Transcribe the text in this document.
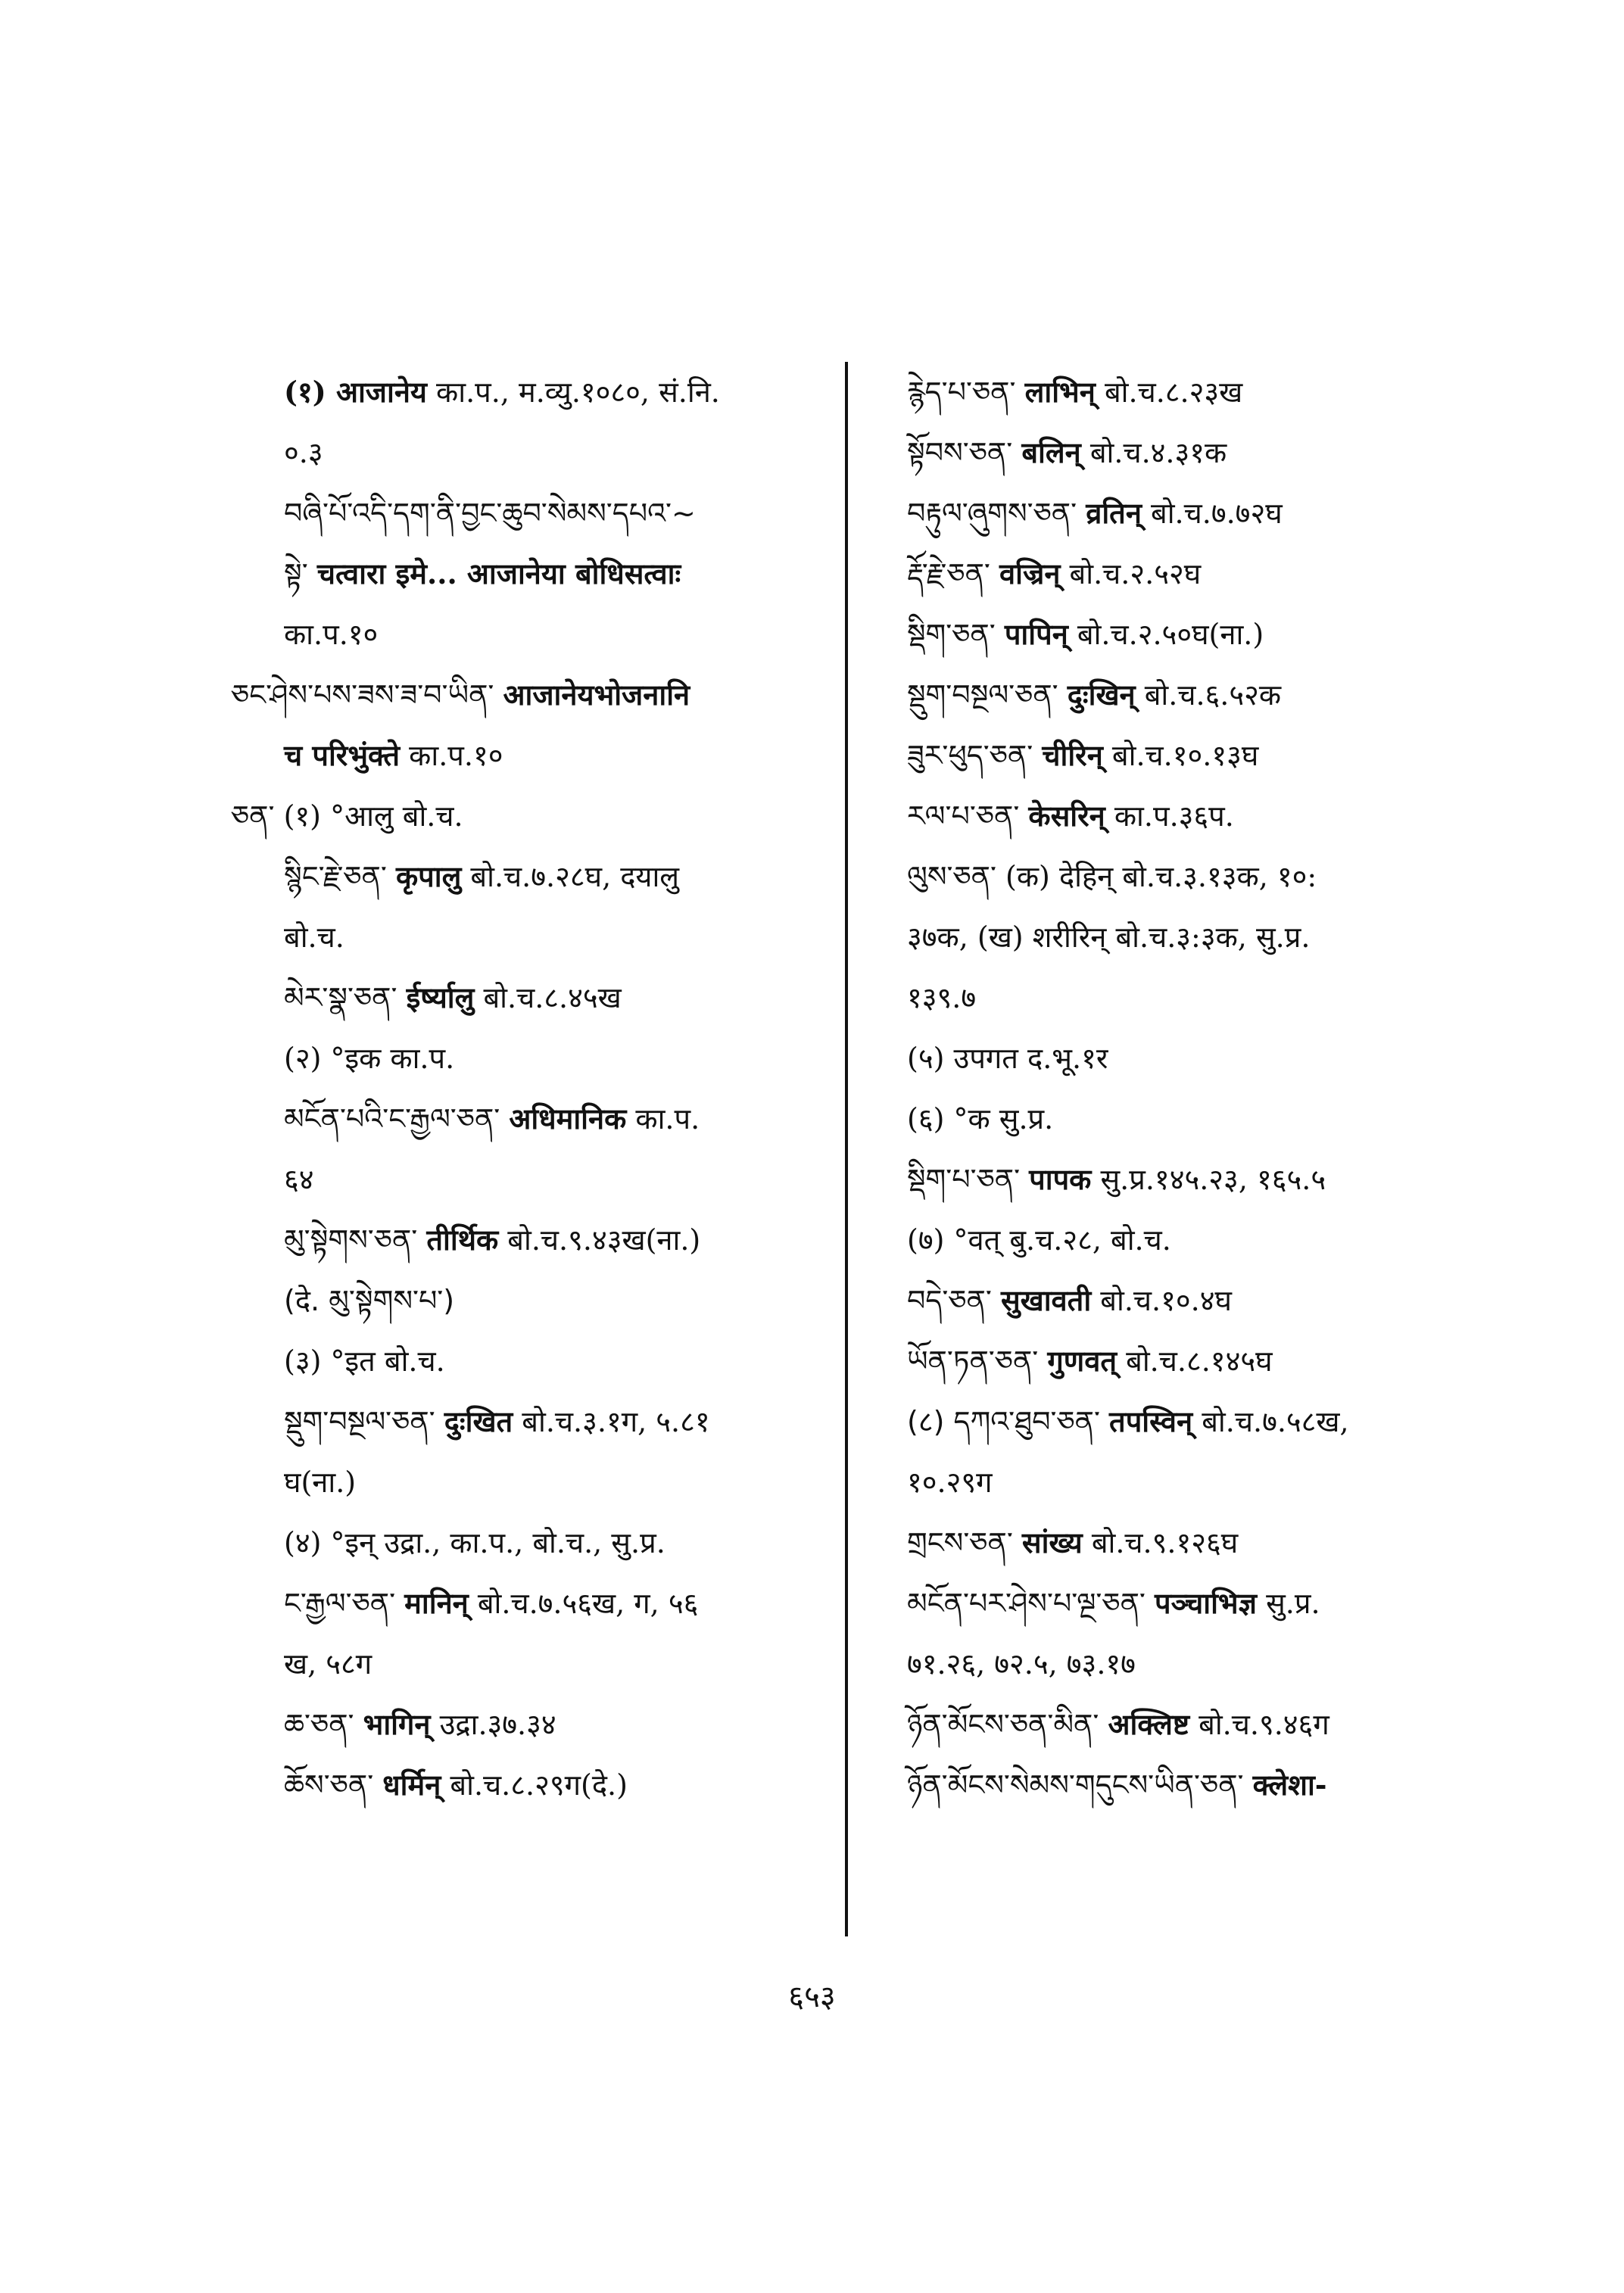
(१) आजानेय का.प., म.व्यु.१०८०, सं.नि.
०.३
བཞི་པོ་འདི་དག་ནི་བྱང་ཆུབ་སེམས་དཔའ་~
སྟེ་ चत्वारा इमे... आजानेया बोधिसत्वाः
का.प.१०
ཅང་ཤེས་པས་ཟས་ཟ་བ་ཡིན་ आजानेयभोजनानि
च परिभुंक्ते का.प.१०
ཅན་ (१) °आलु बो.च.
སྙིང་རྗེ་ཅན་ कृपालु बो.च.७.२८घ, दयालु
बो.च.
མེར་སྣ་ཅན་ ईर्ष्यालु बो.च.८.४५ख
(२) °इक का.प.
མངོན་པའི་ང་རྒྱལ་ཅན་ अधिमानिक का.प.
६४
མུ་སྟེགས་ཅན་ तीर्थिक बो.च.९.४३ख(ना.)
(दे. མུ་སྟེགས་པ་)
(३) °इत बो.च.
སྡུག་བསྔལ་ཅན་ दुःखित बो.च.३.१ग, ५.८१
घ(ना.)
(४) °इन् उद्रा., का.प., बो.च., सु.प्र.
ང་རྒྱལ་ཅན་ मानिन् बो.च.७.५६ख, ग, ५६
ख, ५८ग
ཆ་ཅན་ भागिन् उद्रा.३७.३४
ཆོས་ཅན་ धर्मिन् बो.च.८.२९ग(दे.)
རྙེད་པ་ཅན་ लाभिन् बो.च.८.२३ख
སྟོབས་ཅན་ बलिन् बो.च.४.३१क
བརྟུལ་ཞུགས་ཅན་ व्रतिन् बो.च.७.७२घ
རྡོ་རྗེ་ཅན་ वज्रिन् बो.च.२.५२घ
སྡིག་ཅན་ पापिन् बो.च.२.५०घ(ना.)
སྡུག་བསྔལ་ཅན་ दुःखिन् बो.च.६.५२क
ཟུར་ཕུད་ཅན་ चीरिन् बो.च.१०.१३घ
རལ་པ་ཅན་ केसरिन् का.प.३६प.
ལུས་ཅན་ (क) देहिन् बो.च.३.१३क, १०:
३७क, (ख) शरीरिन् बो.च.३:३क, सु.प्र.
१३९.७
(५) उपगत द.भू.१र
(६) °क सु.प्र.
སྡིག་པ་ཅན་ पापक सु.प्र.१४५.२३, १६५.५
(७) °वत् बु.च.२८, बो.च.
བདེ་ཅན་ सुखावती बो.च.१०.४घ
ཡོན་ཏན་ཅན་ गुणवत् बो.च.८.१४५घ
(८) དཀའ་ཐུབ་ཅན་ तपस्विन् बो.च.७.५८ख,
१०.२९ग
གྲངས་ཅན་ सांख्य बो.च.९.१२६घ
མངོན་པར་ཤེས་པ་ལྔ་ཅན་ पञ्चाभिज्ञ सु.प्र.
७१.२६, ७२.५, ७३.१७
ཉོན་མོངས་ཅན་མིན་ अक्लिष्ट बो.च.९.४६ग
ཉོན་མོངས་སེམས་གདུངས་ཡིན་ཅན་ क्लेशा-
६५३
